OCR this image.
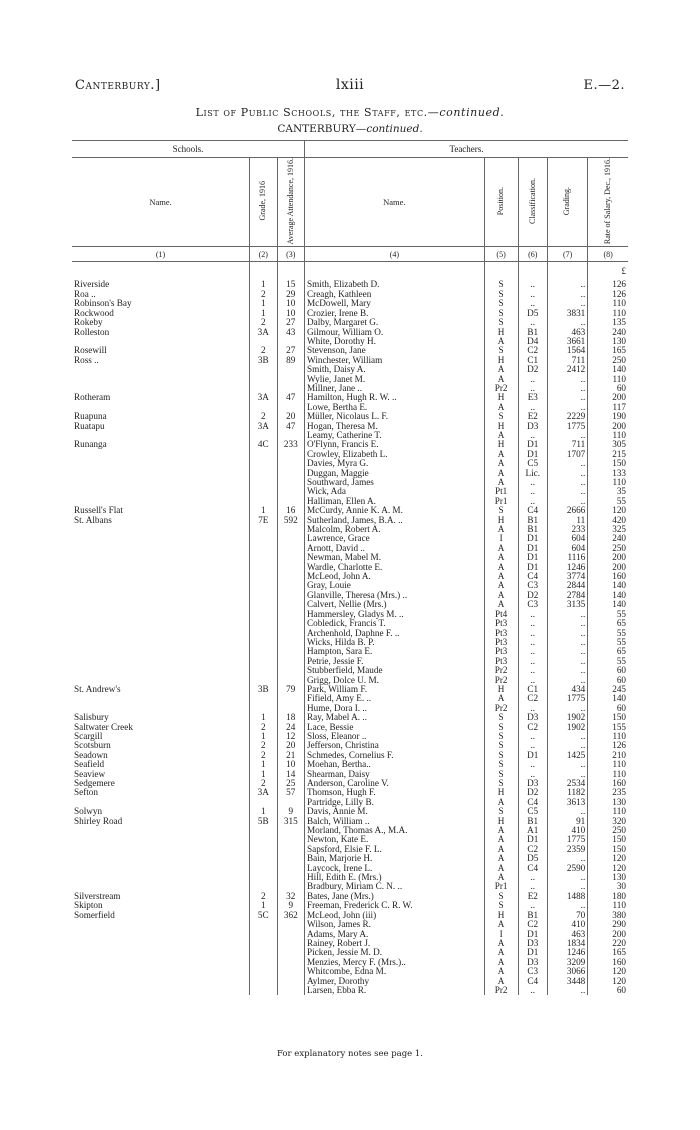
Canterbury.]	lxiii	E.—2.
List of Public Schools, the Staff, etc.—continued.
CANTERBURY—continued.
Schools.			Teachers.				
Name.	Grade, 1916	Average Attendance, 1916.	Name.	Position.	Classification.	Grading.	Rate of Salary, Dec., 1916.
(1)	(2)	(3)	(4)	(5)	(6)	(7)	(8)
							£
Riverside	1	15	Smith, Elizabeth D.	S	..	..	126
Roa ..	2	29	Creagh, Kathleen	S	..	..	126
Robinson's Bay	1	10	McDowell, Mary	S	..	..	110
Rockwood	1	10	Crozier, Irene B.	S	D5	3831	110
Rokeby	2	27	Dalby, Margaret G.	S	..	..	135
Rolleston	3A	43	Gilmour, William O.	H	B1	463	240
			White, Dorothy H.	A	D4	3661	130
Rosewill	2	27	Stevenson, Jane	S	C2	1564	165
Ross ..	3B	89	Winchester, William	H	C1	711	250
			Smith, Daisy A.	A	D2	2412	140
			Wylie, Janet M.	A	..	..	110
			Millner, Jane ..	Pr2	..	..	60
Rotheram	3A	47	Hamilton, Hugh R. W. ..	H	E3	..	200
			Lowe, Bertha E.	A	..	..	117
Ruapuna	2	20	Müller, Nicolaus L. F.	S	E2	2229	190
Ruatapu	3A	47	Hogan, Theresa M.	H	D3	1775	200
			Leamy, Catherine T.	A	..	..	110
Runanga	4C	233	O'Flynn, Francis E.	H	D1	711	305
			Crowley, Elizabeth L.	A	D1	1707	215
			Davies, Myra G.	A	C5	..	150
			Duggan, Maggie	A	Lic.	..	133
			Southward, James	A	..	..	110
			Wick, Ada	Pt1	..	..	35
			Halliman, Ellen A.	Pr1	..	..	55
Russell's Flat	1	16	McCurdy, Annie K. A. M.	S	C4	2666	120
St. Albans	7E	592	Sutherland, James, B.A. ..	H	B1	11	420
			Malcolm, Robert A.	A	B1	233	325
			Lawrence, Grace	I	D1	604	240
			Arnott, David ..	A	D1	604	250
			Newman, Mabel M.	A	D1	1116	200
			Wardle, Charlotte E.	A	D1	1246	200
			McLeod, John A.	A	C4	3774	160
			Gray, Louie	A	C3	2844	140
			Glanville, Theresa (Mrs.) ..	A	D2	2784	140
			Calvert, Nellie (Mrs.)	A	C3	3135	140
			Hammersley, Gladys M. ..	Pt4	..	..	55
			Cobledick, Francis T.	Pt3	..	..	65
			Archenhold, Daphne F. ..	Pt3	..	..	55
			Wicks, Hilda B. P.	Pt3	..	..	55
			Hampton, Sara E.	Pt3	..	..	65
			Petrie, Jessie F.	Pt3	..	..	55
			Stubberfield, Maude	Pr2	..	..	60
			Grigg, Dolce U. M.	Pr2	..	..	60
St. Andrew's	3B	79	Park, William F.	H	C1	434	245
			Fifield, Amy E. ..	A	C2	1775	140
			Hume, Dora I. ..	Pr2	..	..	60
Salisbury	1	18	Ray, Mabel A. ..	S	D3	1902	150
Saltwater Creek	2	24	Lace, Bessie	S	C2	1902	155
Scargill	1	12	Sloss, Eleanor ..	S	..	..	110
Scotsburn	2	20	Jefferson, Christina	S	..	..	126
Seadown	2	21	Schmedes, Cornelius F.	S	D1	1425	210
Seafield	1	10	Moehan, Bertha..	S	..	..	110
Seaview	1	14	Shearman, Daisy	S	..	..	110
Sedgemere	2	25	Anderson, Caroline V.	S	D3	2534	160
Sefton	3A	57	Thomson, Hugh F.	H	D2	1182	235
			Partridge, Lilly B.	A	C4	3613	130
Solwyn	1	9	Davis, Annie M.	S	C5	..	110
Shirley Road	5B	315	Balch, William ..	H	B1	91	320
			Morland, Thomas A., M.A.	A	A1	410	250
			Newton, Kate E.	A	D1	1775	150
			Sapsford, Elsie F. L.	A	C2	2359	150
			Bain, Marjorie H.	A	D5	..	120
			Laycock, Irene L.	A	C4	2590	120
			Hill, Edith E. (Mrs.)	A	..	..	130
			Bradbury, Miriam C. N. ..	Pr1	..	..	30
Silverstream	2	32	Bates, Jane (Mrs.)	S	E2	1488	180
Skipton	1	9	Freeman, Frederick C. R. W.	S	..	..	110
Somerfield	5C	362	McLeod, John (iii)	H	B1	70	380
			Wilson, James R.	A	C2	410	290
			Adams, Mary A.	I	D1	463	200
			Rainey, Robert J.	A	D3	1834	220
			Picken, Jessie M. D.	A	D1	1246	165
			Menzies, Mercy F. (Mrs.)..	A	D3	3209	160
			Whitcombe, Edna M.	A	C3	3066	120
			Aylmer, Dorothy	A	C4	3448	120
			Larsen, Ebba R.	Pr2	..	..	60
For explanatory notes see page 1.
